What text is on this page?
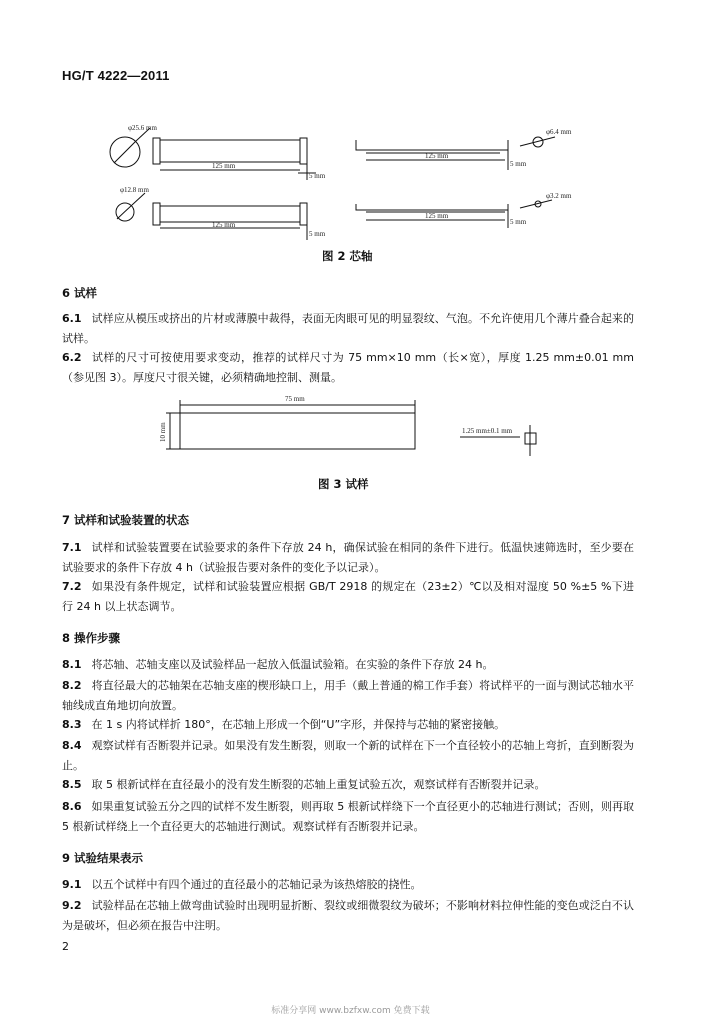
HG/T 4222—2011
φ25.6 mm
125 mm
5 mm
φ6.4 mm
125 mm
5 mm
φ12.8 mm
125 mm
5 mm
φ3.2 mm
125 mm
5 mm
图 2 芯轴
6 试样
6.1 试样应从模压或挤出的片材或薄膜中裁得，表面无肉眼可见的明显裂纹、气泡。不允许使用几个薄片叠合起来的试样。
6.2 试样的尺寸可按使用要求变动，推荐的试样尺寸为 75 mm×10 mm（长×宽），厚度 1.25 mm±0.01 mm（参见图 3）。厚度尺寸很关键，必须精确地控制、测量。
75 mm
10 mm	1.25 mm±0.1 mm
图 3 试样
7 试样和试验装置的状态
7.1 试样和试验装置要在试验要求的条件下存放 24 h，确保试验在相同的条件下进行。低温快速筛选时，至少要在试验要求的条件下存放 4 h（试验报告要对条件的变化予以记录）。
7.2 如果没有条件规定，试样和试验装置应根据 GB/T 2918 的规定在（23±2）℃以及相对湿度 50 %±5 %下进行 24 h 以上状态调节。
8 操作步骤
8.1 将芯轴、芯轴支座以及试验样品一起放入低温试验箱。在实验的条件下存放 24 h。
8.2 将直径最大的芯轴架在芯轴支座的楔形缺口上，用手（戴上普通的棉工作手套）将试样平的一面与测试芯轴水平轴线成直角地切向放置。
8.3 在 1 s 内将试样折 180°，在芯轴上形成一个倒“U”字形，并保持与芯轴的紧密接触。
8.4 观察试样有否断裂并记录。如果没有发生断裂，则取一个新的试样在下一个直径较小的芯轴上弯折，直到断裂为止。
8.5 取 5 根新试样在直径最小的没有发生断裂的芯轴上重复试验五次，观察试样有否断裂并记录。
8.6 如果重复试验五分之四的试样不发生断裂，则再取 5 根新试样绕下一个直径更小的芯轴进行测试；否则，则再取 5 根新试样绕上一个直径更大的芯轴进行测试。观察试样有否断裂并记录。
9 试验结果表示
9.1 以五个试样中有四个通过的直径最小的芯轴记录为该热熔胶的挠性。
9.2 试验样品在芯轴上做弯曲试验时出现明显折断、裂纹或细微裂纹为破坏；不影响材料拉伸性能的变色或泛白不认为是破坏，但必须在报告中注明。
2
标准分享网 www.bzfxw.com 免费下载
